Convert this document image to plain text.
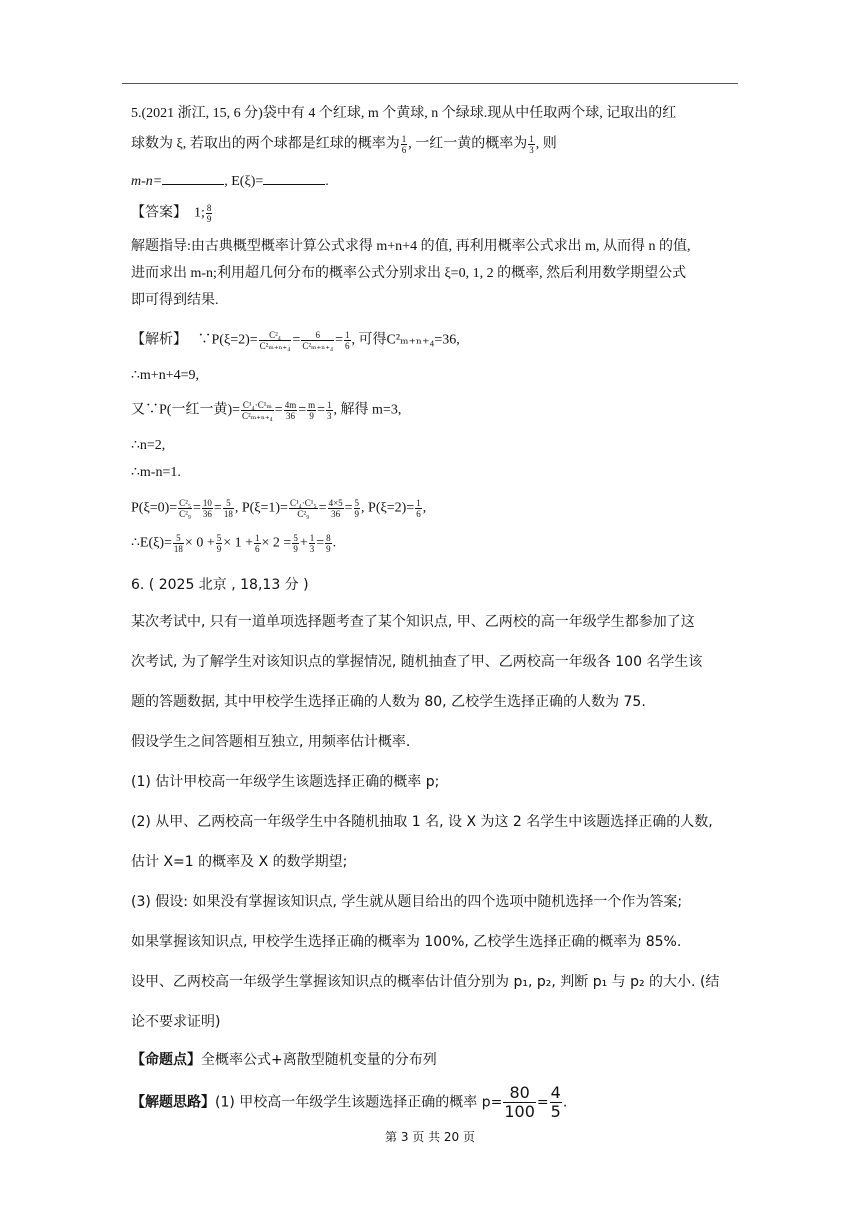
5.(2021 浙江, 15, 6 分)袋中有 4 个红球, m 个黄球, n 个绿球.现从中任取两个球, 记取出的红
球数为 ξ, 若取出的两个球都是红球的概率为 $\frac{1}{6}$ , 一红一黄的概率为 $\frac{1}{3}$ , 则
m-n=	, E(ξ)=	.
【答案】 1; $\frac{8}{9}$
解题指导:由古典概型概率计算公式求得 m+n+4 的值, 再利用概率公式求出 m, 从而得 n 的值,
进而求出 m-n;利用超几何分布的概率公式分别求出 ξ=0, 1, 2 的概率, 然后利用数学期望公式
即可得到结果.
【解析】 ∵P(ξ=2)= $\frac{\text{C²₄}}{\text{C²ₘ₊ₙ₊₄}} = \frac{6}{\text{C²ₘ₊ₙ₊₄}} = \frac{1}{6}$ , 可得C²ₘ₊ₙ₊₄=36,
∴m+n+4=9,
又∵P(一红一黄)= $\frac{\text{C¹₄·C¹ₘ}}{\text{C²ₘ₊ₙ₊₄}} = \frac{4m}{36} = \frac{m}{9} = \frac{1}{3}$ , 解得 m=3,
∴n=2,
∴m-n=1.
$P(\xi=0)= \frac{\text{C²₅}}{\text{C²₉}} = \frac{10}{36} = \frac{5}{18}$ , $P(\xi=1)= \frac{\text{C¹₄·C¹₅}}{\text{C²₉}} = \frac{4\times 5}{36} = \frac{5}{9}$ , $P(\xi=2)= \frac{1}{6}$ ,
∴E(ξ)= $\frac{5}{18} \times 0 + \frac{5}{9} \times 1 + \frac{1}{6} \times 2 = \frac{5}{9} + \frac{1}{3} = \frac{8}{9}$ .
6. ( 2025 北京 , 18,13 分 )
某次考试中, 只有一道单项选择题考查了某个知识点, 甲、乙两校的高一年级学生都参加了这
次考试, 为了解学生对该知识点的掌握情况, 随机抽查了甲、乙两校高一年级各 100 名学生该
题的答题数据, 其中甲校学生选择正确的人数为 80, 乙校学生选择正确的人数为 75.
假设学生之间答题相互独立, 用频率估计概率.
(1) 估计甲校高一年级学生该题选择正确的概率 p;
(2) 从甲、乙两校高一年级学生中各随机抽取 1 名, 设 X 为这 2 名学生中该题选择正确的人数,
估计 X=1 的概率及 X 的数学期望;
(3) 假设: 如果没有掌握该知识点, 学生就从题目给出的四个选项中随机选择一个作为答案;
如果掌握该知识点, 甲校学生选择正确的概率为 100%, 乙校学生选择正确的概率为 85%.
设甲、乙两校高一年级学生掌握该知识点的概率估计值分别为 p₁, p₂, 判断 p₁ 与 p₂ 的大小. (结
论不要求证明)
【命题点】全概率公式+离散型随机变量的分布列
【解题思路】(1) 甲校高一年级学生该题选择正确的概率 $p= \frac{80}{100} = \frac{4}{5}$ .
第 3 页 共 20 页
